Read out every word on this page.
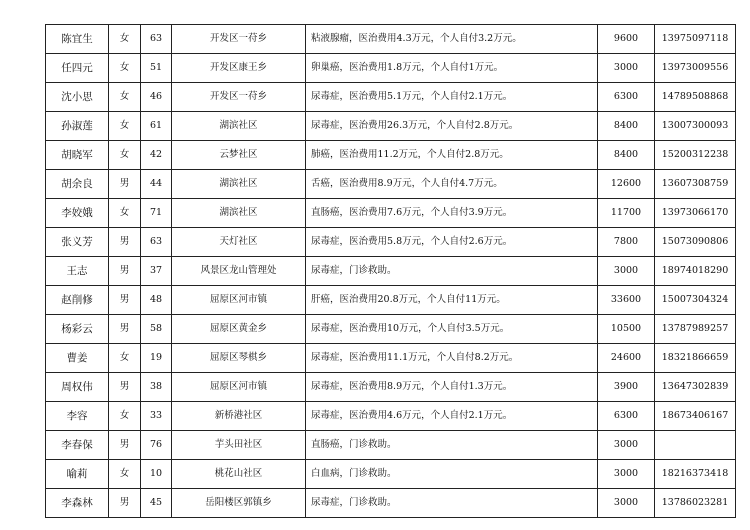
陈宜生	女	63	开发区一苻乡	粘液腺瘤，医治费用4.3万元，个人自付3.2万元。	9600	13975097118
任四元	女	51	开发区康王乡	卵巢癌，医治费用1.8万元，个人自付1万元。	3000	13973009556
沈小思	女	46	开发区一苻乡	尿毒症，医治费用5.1万元，个人自付2.1万元。	6300	14789508868
孙淑莲	女	61	湖滨社区	尿毒症，医治费用26.3万元，个人自付2.8万元。	8400	13007300093
胡晓军	女	42	云梦社区	肺癌，医治费用11.2万元，个人自付2.8万元。	8400	15200312238
胡余良	男	44	湖滨社区	舌癌，医治费用8.9万元，个人自付4.7万元。	12600	13607308759
李姣娥	女	71	湖滨社区	直肠癌，医治费用7.6万元，个人自付3.9万元。	11700	13973066170
张义芳	男	63	天灯社区	尿毒症，医治费用5.8万元，个人自付2.6万元。	7800	15073090806
王志	男	37	风景区龙山管理处	尿毒症，门诊救助。	3000	18974018290
赵削修	男	48	屈原区河市镇	肝癌，医治费用20.8万元，个人自付11万元。	33600	15007304324
杨彩云	男	58	屈原区黄金乡	尿毒症，医治费用10万元，个人自付3.5万元。	10500	13787989257
曹姜	女	19	屈原区琴棋乡	尿毒症，医治费用11.1万元，个人自付8.2万元。	24600	18321866659
周权伟	男	38	屈原区河市镇	尿毒症，医治费用8.9万元，个人自付1.3万元。	3900	13647302839
李容	女	33	新桥港社区	尿毒症，医治费用4.6万元，个人自付2.1万元。	6300	18673406167
李春保	男	76	芋头田社区	直肠癌，门诊救助。	3000	
喻莉	女	10	桃花山社区	白血病，门诊救助。	3000	18216373418
李森林	男	45	岳阳楼区郭镇乡	尿毒症，门诊救助。	3000	13786023281
